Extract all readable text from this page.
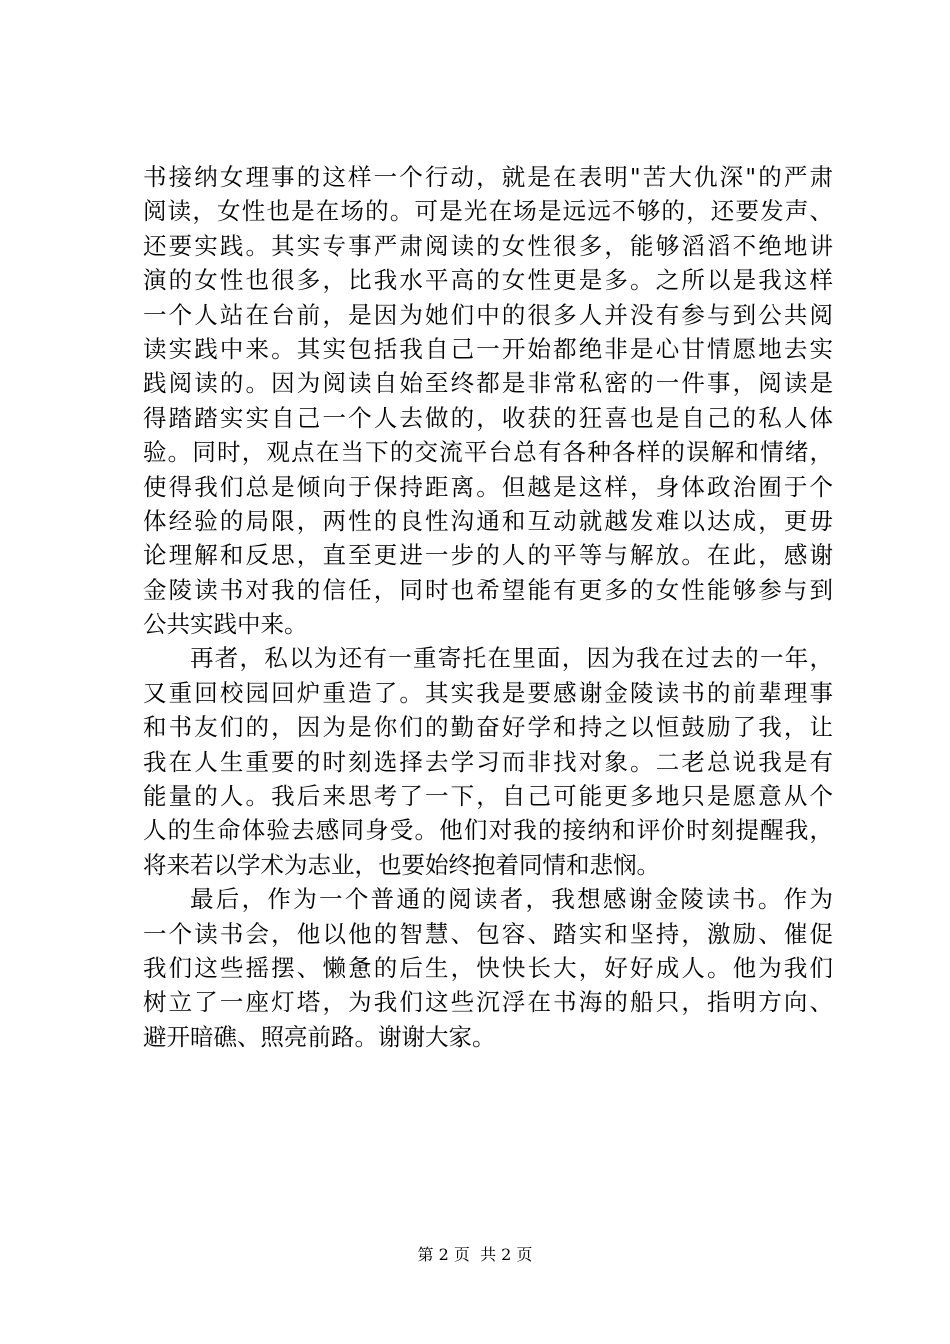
书接纳女理事的这样一个行动，就是在表明"苦大仇深"的严肃
阅读，女性也是在场的。可是光在场是远远不够的，还要发声、
还要实践。其实专事严肃阅读的女性很多，能够滔滔不绝地讲
演的女性也很多，比我水平高的女性更是多。之所以是我这样
一个人站在台前，是因为她们中的很多人并没有参与到公共阅
读实践中来。其实包括我自己一开始都绝非是心甘情愿地去实
践阅读的。因为阅读自始至终都是非常私密的一件事，阅读是
得踏踏实实自己一个人去做的，收获的狂喜也是自己的私人体
验。同时，观点在当下的交流平台总有各种各样的误解和情绪，
使得我们总是倾向于保持距离。但越是这样，身体政治囿于个
体经验的局限，两性的良性沟通和互动就越发难以达成，更毋
论理解和反思，直至更进一步的人的平等与解放。在此，感谢
金陵读书对我的信任，同时也希望能有更多的女性能够参与到
公共实践中来。
再者，私以为还有一重寄托在里面，因为我在过去的一年，
又重回校园回炉重造了。其实我是要感谢金陵读书的前辈理事
和书友们的，因为是你们的勤奋好学和持之以恒鼓励了我，让
我在人生重要的时刻选择去学习而非找对象。二老总说我是有
能量的人。我后来思考了一下，自己可能更多地只是愿意从个
人的生命体验去感同身受。他们对我的接纳和评价时刻提醒我，
将来若以学术为志业，也要始终抱着同情和悲悯。
最后，作为一个普通的阅读者，我想感谢金陵读书。作为
一个读书会，他以他的智慧、包容、踏实和坚持，激励、催促
我们这些摇摆、懒惫的后生，快快长大，好好成人。他为我们
树立了一座灯塔，为我们这些沉浮在书海的船只，指明方向、
避开暗礁、照亮前路。谢谢大家。
第 2 页  共 2 页
